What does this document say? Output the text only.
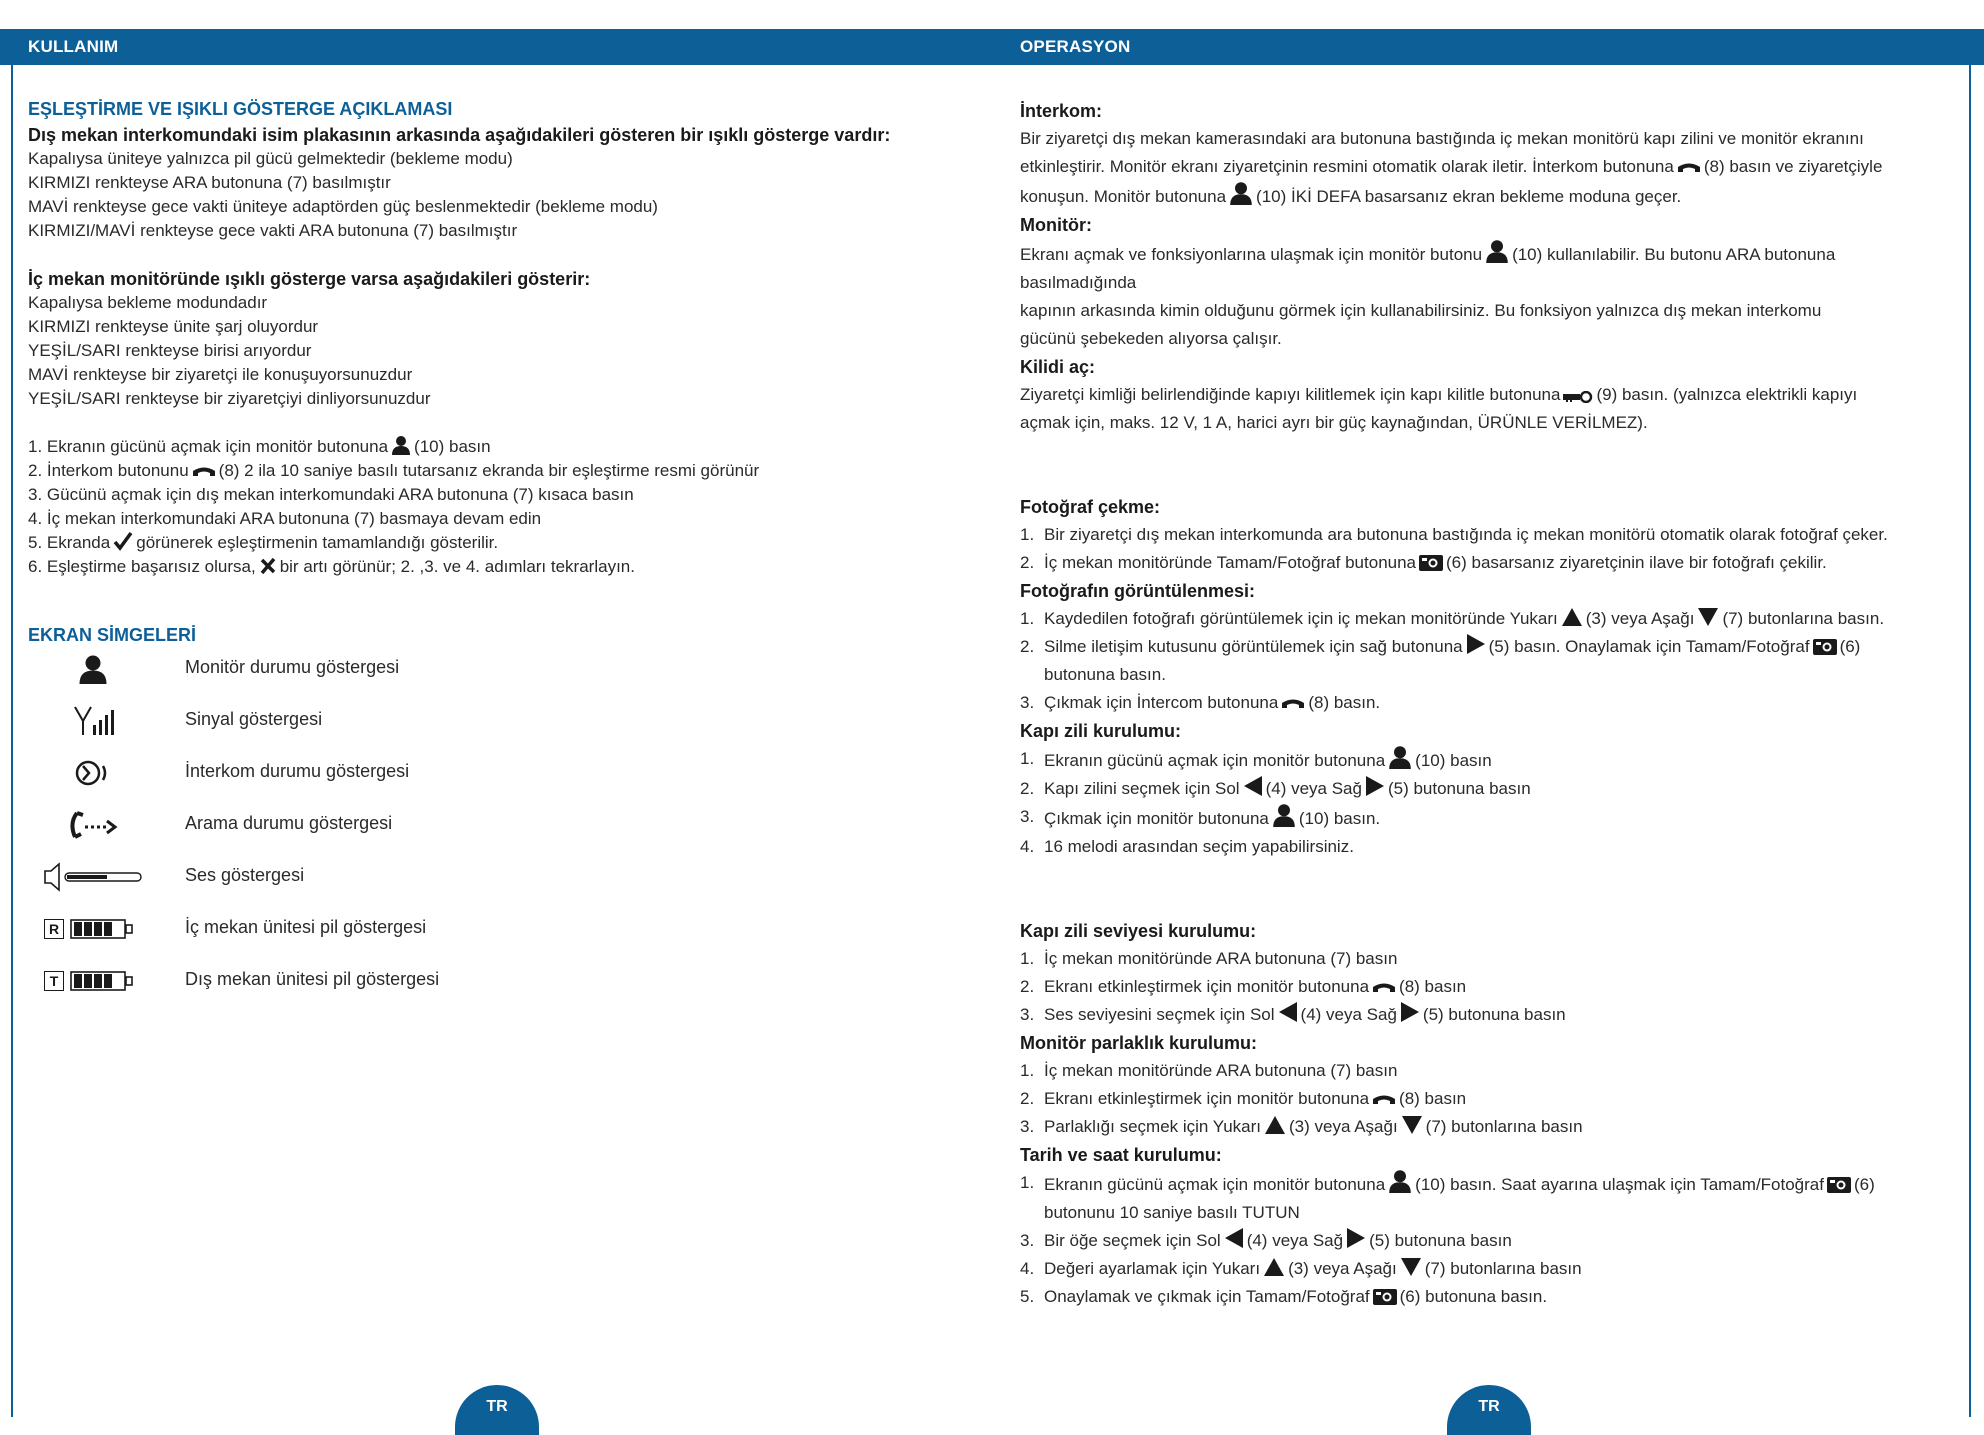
KULLANIM	OPERASYON

EŞLEŞTİRME VE IŞIKLI GÖSTERGE AÇIKLAMASI

Dış mekan interkomundaki isim plakasının arkasında aşağıdakileri gösteren bir ışıklı gösterge vardır:

Kapalıysa üniteye yalnızca pil gücü gelmektedir (bekleme modu)

KIRMIZI renkteyse ARA butonuna (7) basılmıştır

MAVİ renkteyse gece vakti üniteye adaptörden güç beslenmektedir (bekleme modu)

KIRMIZI/MAVİ renkteyse gece vakti ARA butonuna (7) basılmıştır

İç mekan monitöründe ışıklı gösterge varsa aşağıdakileri gösterir:

Kapalıysa bekleme modundadır

KIRMIZI renkteyse ünite şarj oluyordur

YEŞİL/SARI renkteyse birisi arıyordur

MAVİ renkteyse bir ziyaretçi ile konuşuyorsunuzdur

YEŞİL/SARI renkteyse bir ziyaretçiyi dinliyorsunuzdur

1. Ekranın gücünü açmak için monitör butonuna (10) basın

2. İnterkom butonunu (8) 2 ila 10 saniye basılı tutarsanız ekranda bir eşleştirme resmi görünür

3. Gücünü açmak için dış mekan interkomundaki ARA butonuna (7) kısaca basın

4. İç mekan interkomundaki ARA butonuna (7) basmaya devam edin

5. Ekranda görünerek eşleştirmenin tamamlandığı gösterilir.

6. Eşleştirme başarısız olursa, bir artı görünür; 2. ,3. ve 4. adımları tekrarlayın.

EKRAN SİMGELERİ

Monitör durumu göstergesi
Sinyal göstergesi
İnterkom durumu göstergesi
Arama durumu göstergesi
Ses göstergesi
R	İç mekan ünitesi pil göstergesi
T	Dış mekan ünitesi pil göstergesi

İnterkom:

Bir ziyaretçi dış mekan kamerasındaki ara butonuna bastığında iç mekan monitörü kapı zilini ve monitör ekranını

etkinleştirir. Monitör ekranı ziyaretçinin resmini otomatik olarak iletir. İnterkom butonuna (8) basın ve ziyaretçiyle

konuşun. Monitör butonuna (10) İKİ DEFA basarsanız ekran bekleme moduna geçer.

Monitör:

Ekranı açmak ve fonksiyonlarına ulaşmak için monitör butonu (10) kullanılabilir. Bu butonu ARA butonuna

basılmadığında

kapının arkasında kimin olduğunu görmek için kullanabilirsiniz. Bu fonksiyon yalnızca dış mekan interkomu

gücünü şebekeden alıyorsa çalışır.

Kilidi aç:

Ziyaretçi kimliği belirlendiğinde kapıyı kilitlemek için kapı kilitle butonuna (9) basın. (yalnızca elektrikli kapıyı

açmak için, maks. 12 V, 1 A, harici ayrı bir güç kaynağından, ÜRÜNLE VERİLMEZ).

Fotoğraf çekme:

1. Bir ziyaretçi dış mekan interkomunda ara butonuna bastığında iç mekan monitörü otomatik olarak fotoğraf çeker.
2. İç mekan monitöründe Tamam/Fotoğraf butonuna (6) basarsanız ziyaretçinin ilave bir fotoğrafı çekilir.

Fotoğrafın görüntülenmesi:

1. Kaydedilen fotoğrafı görüntülemek için iç mekan monitöründe Yukarı (3) veya Aşağı (7) butonlarına basın.
2. Silme iletişim kutusunu görüntülemek için sağ butonuna (5) basın. Onaylamak için Tamam/Fotoğraf (6)
butonuna basın.
3. Çıkmak için İntercom butonuna (8) basın.

Kapı zili kurulumu:

1. Ekranın gücünü açmak için monitör butonuna (10) basın
2. Kapı zilini seçmek için Sol (4) veya Sağ (5) butonuna basın
3. Çıkmak için monitör butonuna (10) basın.
4. 16 melodi arasından seçim yapabilirsiniz.

Kapı zili seviyesi kurulumu:

1. İç mekan monitöründe ARA butonuna (7) basın
2. Ekranı etkinleştirmek için monitör butonuna (8) basın
3. Ses seviyesini seçmek için Sol (4) veya Sağ (5) butonuna basın

Monitör parlaklık kurulumu:

1. İç mekan monitöründe ARA butonuna (7) basın
2. Ekranı etkinleştirmek için monitör butonuna (8) basın
3. Parlaklığı seçmek için Yukarı (3) veya Aşağı (7) butonlarına basın

Tarih ve saat kurulumu:

1. Ekranın gücünü açmak için monitör butonuna (10) basın. Saat ayarına ulaşmak için Tamam/Fotoğraf (6)
butonunu 10 saniye basılı TUTUN
3. Bir öğe seçmek için Sol (4) veya Sağ (5) butonuna basın
4. Değeri ayarlamak için Yukarı (3) veya Aşağı (7) butonlarına basın
5. Onaylamak ve çıkmak için Tamam/Fotoğraf (6) butonuna basın.
TR	TR
